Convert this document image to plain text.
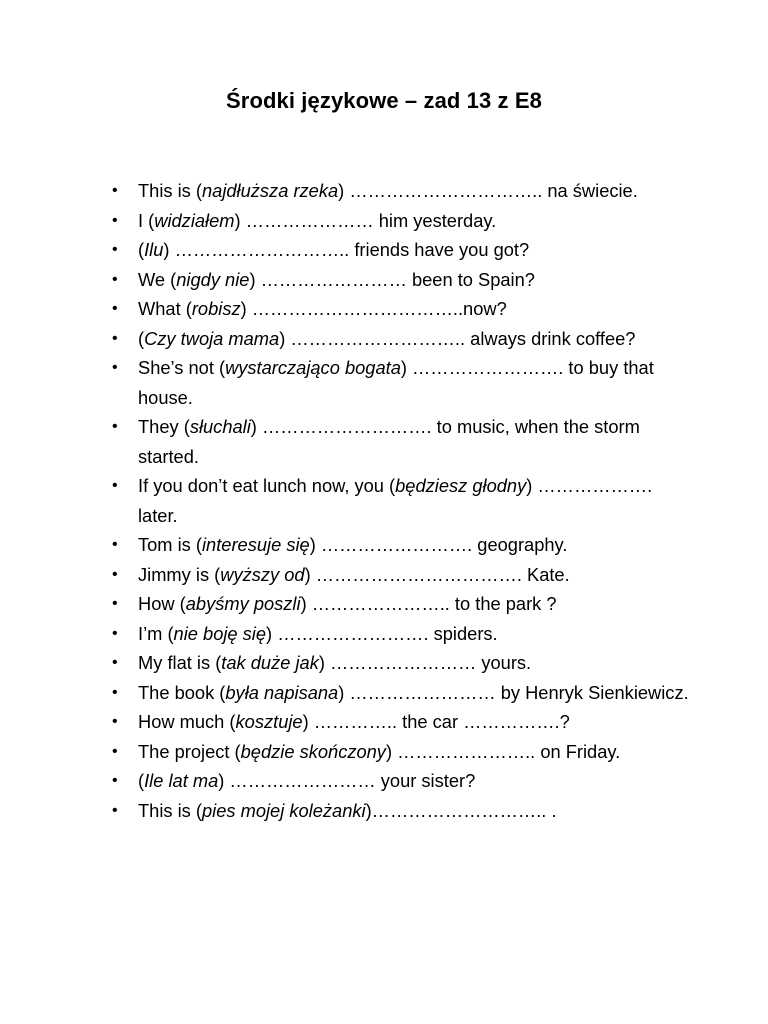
Środki językowe – zad 13 z E8
•	This is (najdłuższa rzeka) ………………………….. na świecie.
•	I (widziałem) ………………… him yesterday.
•	(Ilu) ……………………….. friends have you got?
•	We (nigdy nie) …………………… been to Spain?
•	What (robisz) ……………………………..now?
•	(Czy twoja mama) ……………………….. always drink coffee?
•	She’s not (wystarczająco bogata) ……………………. to buy that house.
•	They (słuchali) ………………………. to music, when the storm started.
•	If you don’t eat lunch now, you (będziesz głodny) ………………. later.
•	Tom is (interesuje się) ……………………. geography.
•	Jimmy is (wyższy od) ……………………………. Kate.
•	How (abyśmy poszli) ………………….. to the park ?
•	I’m (nie boję się) ……………………. spiders.
•	My flat is (tak duże jak) …………………… yours.
•	The book (była napisana) …………………… by Henryk Sienkiewicz.
•	How much (kosztuje) ………….. the car …………….?
•	The project (będzie skończony) ………………….. on Friday.
•	(Ile lat ma) …………………… your sister?
•	This is (pies mojej koleżanki)……………………….. .
